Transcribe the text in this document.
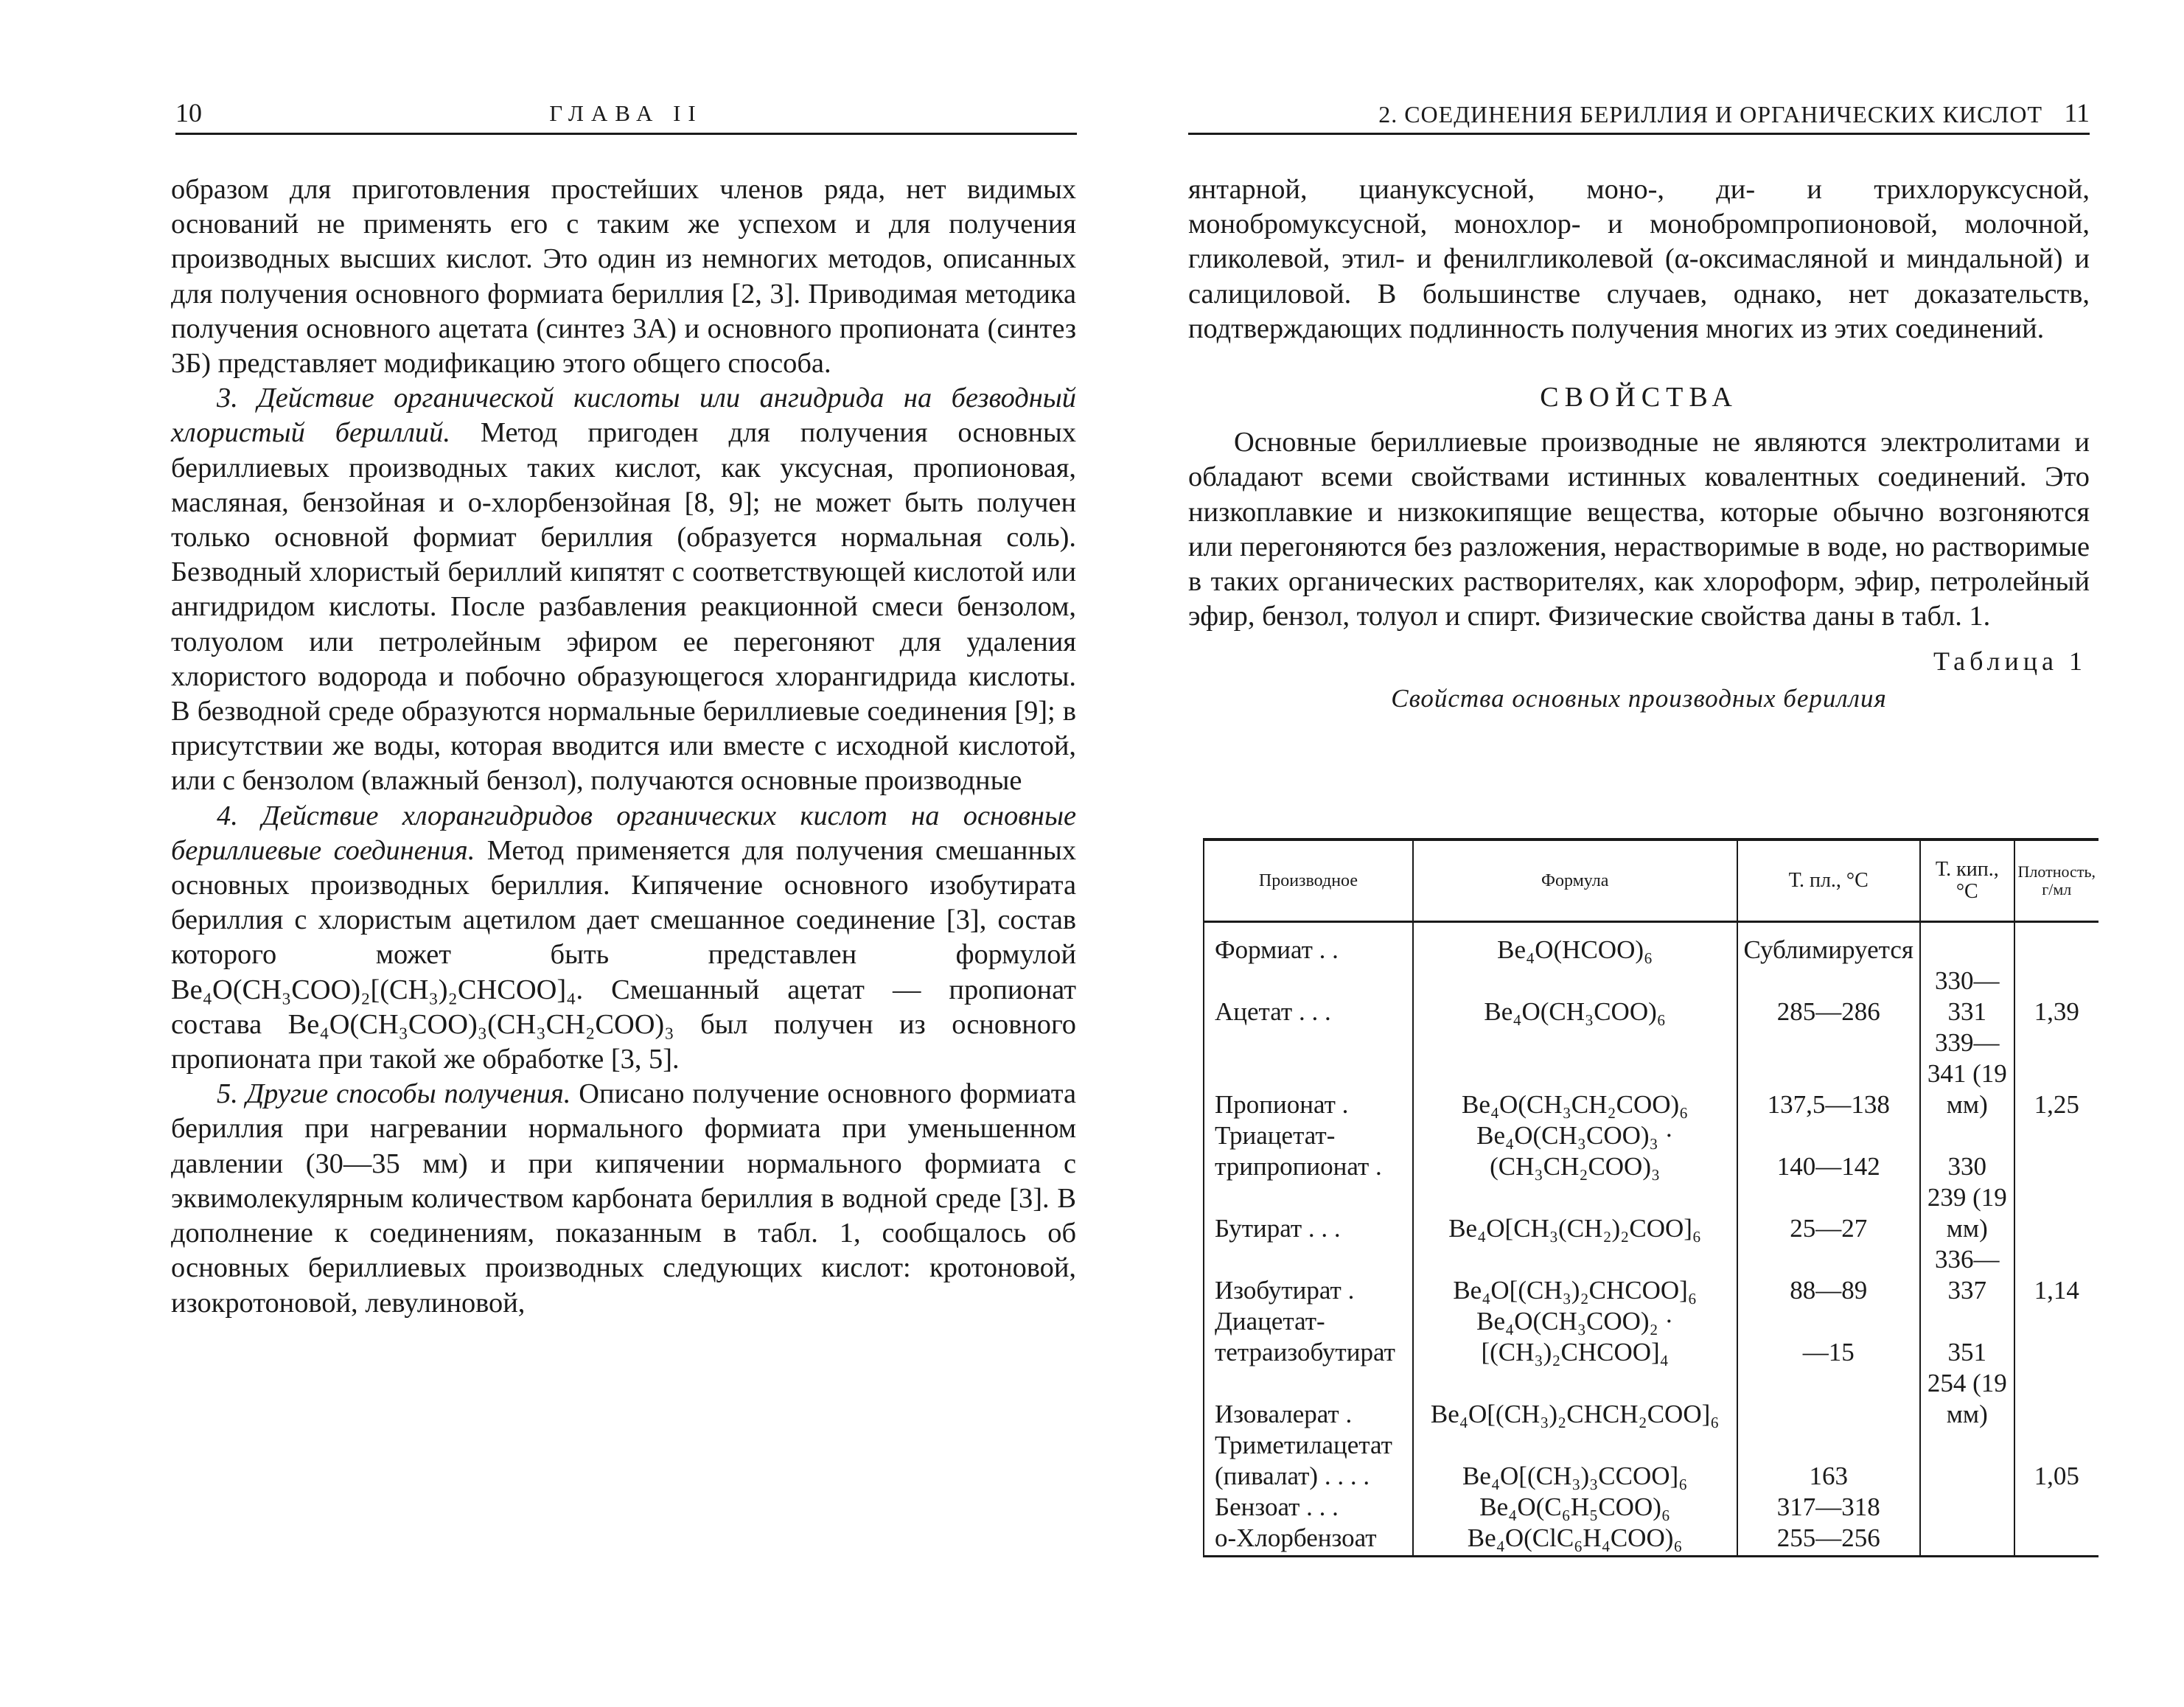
10	ГЛАВА II

образом для приготовления простейших членов ряда, нет видимых оснований не применять его с таким же успехом и для получения производных высших кислот. Это один из немногих методов, описанных для получения основного формиата бериллия [2, 3]. Приводимая методика получения основного ацетата (синтез 3А) и основного пропионата (синтез 3Б) представляет модификацию этого общего способа.

3. Действие органической кислоты или ангидрида на безводный хлористый бериллий. Метод пригоден для получения основных бериллиевых производных таких кислот, как уксусная, пропионовая, масляная, бензойная и о-хлорбензойная [8, 9]; не может быть получен только основной формиат бериллия (образуется нормальная соль). Безводный хлористый бериллий кипятят с соответствующей кислотой или ангидридом кислоты. После разбавления реакционной смеси бензолом, толуолом или петролейным эфиром ее перегоняют для удаления хлористого водорода и побочно образующегося хлорангидрида кислоты. В безводной среде образуются нормальные бериллиевые соединения [9]; в присутствии же воды, которая вводится или вместе с исходной кислотой, или с бензолом (влажный бензол), получаются основные производные

4. Действие хлорангидридов органических кислот на основные бериллиевые соединения. Метод применяется для получения смешанных основных производных бериллия. Кипячение основного изобутирата бериллия с хлористым ацетилом дает смешанное соединение [3], состав которого может быть представлен формулой Be₄O(CH₃COO)₂[(CH₃)₂CHCOO]₄. Смешанный ацетат — пропионат состава Be₄O(CH₃COO)₃(CH₃CH₂COO)₃ был получен из основного пропионата при такой же обработке [3, 5].

5. Другие способы получения. Описано получение основного формиата бериллия при нагревании нормального формиата при уменьшенном давлении (30—35 мм) и при кипячении нормального формиата с эквимолекулярным количеством карбоната бериллия в водной среде [3]. В дополнение к соединениям, показанным в табл. 1, сообщалось об основных бериллиевых производных следующих кислот: кротоновой, изокротоновой, левулиновой,

2. СОЕДИНЕНИЯ БЕРИЛЛИЯ И ОРГАНИЧЕСКИХ КИСЛОТ 11

янтарной, циануксусной, моно-, ди- и трихлоруксусной, монобромуксусной, монохлор- и монобромпропионовой, молочной, гликолевой, этил- и фенилгликолевой (α-оксимасляной и миндальной) и салициловой. В большинстве случаев, однако, нет доказательств, подтверждающих подлинность получения многих из этих соединений.

СВОЙСТВА

Основные бериллиевые производные не являются электролитами и обладают всеми свойствами истинных ковалентных соединений. Это низкоплавкие и низкокипящие вещества, которые обычно возгоняются или перегоняются без разложения, нерастворимые в воде, но растворимые в таких органических растворителях, как хлороформ, эфир, петролейный эфир, бензол, толуол и спирт. Физические свойства даны в табл. 1.

Таблица 1

Свойства основных производных бериллия

Производное	Формула	Т. пл., °С	Т. кип., °С	Плотность, г/мл
Формиат . .	Be₄O(HCOO)₆	Сублимируется		
Ацетат . . .	Be₄O(CH₃COO)₆	285—286	330—331	1,39
Пропионат .	Be₄O(CH₃CH₂COO)₆	137,5—138	339—341 (19 мм)	1,25
Триацетат-трипропионат .	Be₄O(CH₃COO)₃ · (CH₃CH₂COO)₃	140—142	330	
Бутират . . .	Be₄O[CH₃(CH₂)₂COO]₆	25—27	239 (19 мм)	
Изобутират .	Be₄O[(CH₃)₂CHCOO]₆	88—89	336—337	1,14
Диацетат-тетраизобутират	Be₄O(CH₃COO)₂ · [(CH₃)₂CHCOO]₄	—15	351	
Изовалерат .	Be₄O[(CH₃)₂CHCH₂COO]₆		254 (19 мм)	
Триметилацетат (пивалат) . . . .	Be₄O[(CH₃)₃CCOO]₆	163		1,05
Бензоат . . .	Be₄O(C₆H₅COO)₆	317—318		
о-Хлорбензоат	Be₄O(ClC₆H₄COO)₆	255—256		
